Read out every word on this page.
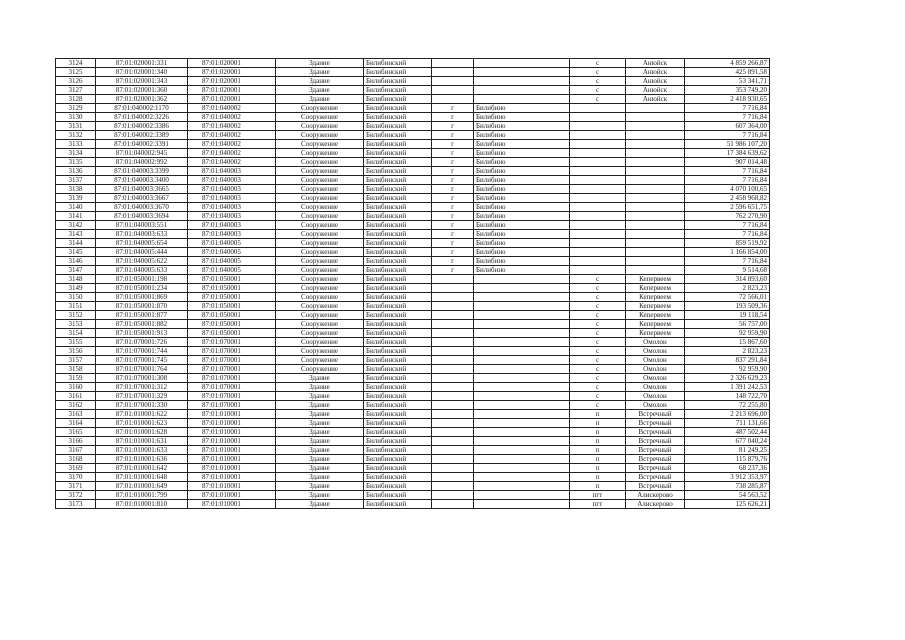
3124	87:01:020001:331	87:01:020001	Здание	Билибинский			с	Анюйск	4 859 266,87
3125	87:01:020001:340	87:01:020001	Здание	Билибинский			с	Анюйск	425 891,58
3126	87:01:020001:343	87:01:020001	Здание	Билибинский			с	Анюйск	53 341,71
3127	87:01:020001:360	87:01:020001	Здание	Билибинский			с	Анюйск	353 749,20
3128	87:01:020001:362	87:01:020001	Здание	Билибинский			с	Анюйск	2 418 930,65
3129	87:01:040002:1170	87:01:040002	Сооружение	Билибинский	г	Билибино			7 716,84
3130	87:01:040002:3226	87:01:040002	Сооружение	Билибинский	г	Билибино			7 716,84
3131	87:01:040002:3386	87:01:040002	Сооружение	Билибинский	г	Билибино			607 364,00
3132	87:01:040002:3389	87:01:040002	Сооружение	Билибинский	г	Билибино			7 716,84
3133	87:01:040002:3391	87:01:040002	Сооружение	Билибинский	г	Билибино			51 986 107,20
3134	87:01:040002:945	87:01:040002	Сооружение	Билибинский	г	Билибино			17 384 639,62
3135	87:01:040002:992	87:01:040002	Сооружение	Билибинский	г	Билибино			907 014,48
3136	87:01:040003:3399	87:01:040003	Сооружение	Билибинский	г	Билибино			7 716,84
3137	87:01:040003:3400	87:01:040003	Сооружение	Билибинский	г	Билибино			7 716,84
3138	87:01:040003:3665	87:01:040003	Сооружение	Билибинский	г	Билибино			4 070 100,65
3139	87:01:040003:3667	87:01:040003	Сооружение	Билибинский	г	Билибино			2 458 968,82
3140	87:01:040003:3670	87:01:040003	Сооружение	Билибинский	г	Билибино			2 596 651,75
3141	87:01:040003:3694	87:01:040003	Сооружение	Билибинский	г	Билибино			762 270,90
3142	87:01:040003:551	87:01:040003	Сооружение	Билибинский	г	Билибино			7 716,84
3143	87:01:040003:633	87:01:040003	Сооружение	Билибинский	г	Билибино			7 716,84
3144	87:01:040005:654	87:01:040005	Сооружение	Билибинский	г	Билибино			859 519,92
3145	87:01:040005:444	87:01:040005	Сооружение	Билибинский	г	Билибино			1 166 854,00
3146	87:01:040005:622	87:01:040005	Сооружение	Билибинский	г	Билибино			7 716,84
3147	87:01:040005:633	87:01:040005	Сооружение	Билибинский	г	Билибино			9 514,68
3148	87:01:050001:198	87:01:050001	Сооружение	Билибинский			с	Кепервеем	314 893,60
3149	87:01:050001:234	87:01:050001	Сооружение	Билибинский			с	Кепервеем	2 823,23
3150	87:01:050001:869	87:01:050001	Сооружение	Билибинский			с	Кепервеем	72 566,01
3151	87:01:050001:870	87:01:050001	Сооружение	Билибинский			с	Кепервеем	193 509,36
3152	87:01:050001:877	87:01:050001	Сооружение	Билибинский			с	Кепервеем	19 118,54
3153	87:01:050001:882	87:01:050001	Сооружение	Билибинский			с	Кепервеем	56 757,00
3154	87:01:050001:913	87:01:050001	Сооружение	Билибинский			с	Кепервеем	92 959,90
3155	87:01:070001:726	87:01:070001	Сооружение	Билибинский			с	Омолон	15 867,60
3156	87:01:070001:744	87:01:070001	Сооружение	Билибинский			с	Омолон	2 823,23
3157	87:01:070001:745	87:01:070001	Сооружение	Билибинский			с	Омолон	837 291,84
3158	87:01:070001:764	87:01:070001	Сооружение	Билибинский			с	Омолон	92 959,90
3159	87:01:070001:308	87:01:070001	Здание	Билибинский			с	Омолон	2 326 629,23
3160	87:01:070001:312	87:01:070001	Здание	Билибинский			с	Омолон	1 391 242,53
3161	87:01:070001:329	87:01:070001	Здание	Билибинский			с	Омолон	148 722,70
3162	87:01:070001:330	87:01:070001	Здание	Билибинский			с	Омолон	72 255,80
3163	87:01:010001:622	87:01:010001	Здание	Билибинский			п	Встречный	2 213 696,00
3164	87:01:010001:623	87:01:010001	Здание	Билибинский			п	Встречный	711 131,66
3165	87:01:010001:628	87:01:010001	Здание	Билибинский			п	Встречный	487 502,44
3166	87:01:010001:631	87:01:010001	Здание	Билибинский			п	Встречный	677 040,24
3167	87:01:010001:633	87:01:010001	Здание	Билибинский			п	Встречный	81 249,25
3168	87:01:010001:636	87:01:010001	Здание	Билибинский			п	Встречный	115 879,76
3169	87:01:010001:642	87:01:010001	Здание	Билибинский			п	Встречный	68 237,36
3170	87:01:010001:648	87:01:010001	Здание	Билибинский			п	Встречный	3 912 353,97
3171	87:01:010001:649	87:01:010001	Здание	Билибинский			п	Встречный	738 285,87
3172	87:01:010001:799	87:01:010001	Здание	Билибинский			пгт	Алискерово	54 563,52
3173	87:01:010001:810	87:01:010001	Здание	Билибинский			пгт	Алискерово	125 626,21
